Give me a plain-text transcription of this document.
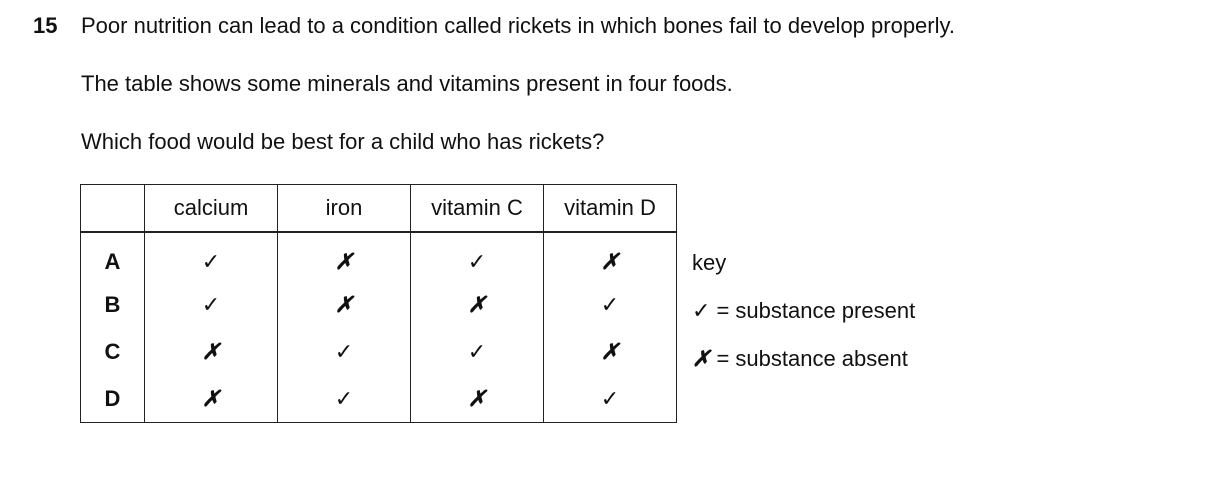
15 Poor nutrition can lead to a condition called rickets in which bones fail to develop properly.
The table shows some minerals and vitamins present in four foods.
Which food would be best for a child who has rickets?
	calcium	iron	vitamin C	vitamin D
A	✓	✗	✓	✗
B	✓	✗	✗	✓
C	✗	✓	✓	✗
D	✗	✓	✗	✓
key
✓ = substance present
✗ = substance absent
